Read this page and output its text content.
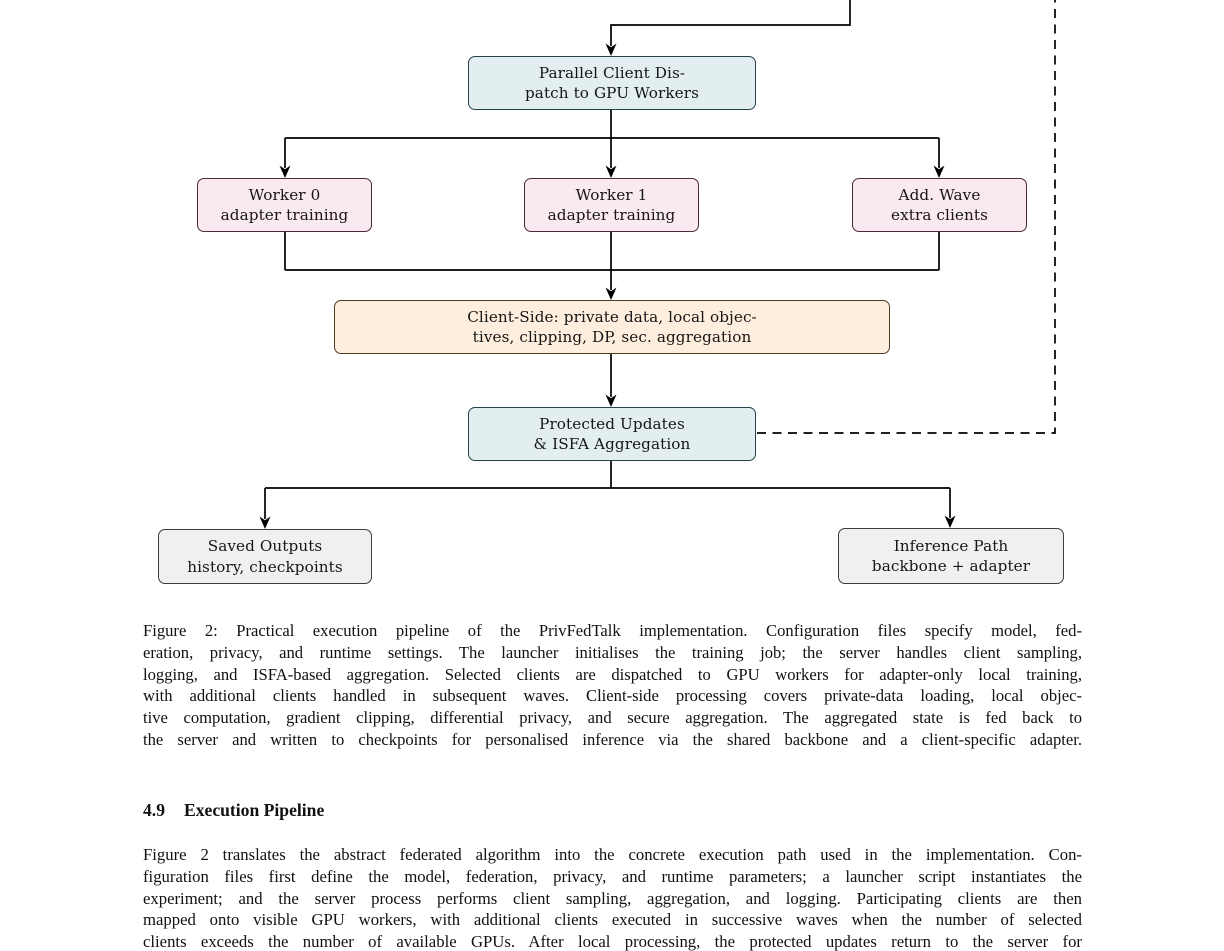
Parallel Client Dis-
patch to GPU Workers
Worker 0
adapter training
Worker 1
adapter training
Add. Wave
extra clients
Client-Side: private data, local objec-
tives, clipping, DP, sec. aggregation
Protected Updates
& ISFA Aggregation
Saved Outputs
history, checkpoints
Inference Path
backbone + adapter
Figure 2: Practical execution pipeline of the PrivFedTalk implementation. Configuration files specify model, fed-
eration, privacy, and runtime settings. The launcher initialises the training job; the server handles client sampling,
logging, and ISFA-based aggregation. Selected clients are dispatched to GPU workers for adapter-only local training,
with additional clients handled in subsequent waves. Client-side processing covers private-data loading, local objec-
tive computation, gradient clipping, differential privacy, and secure aggregation. The aggregated state is fed back to
the server and written to checkpoints for personalised inference via the shared backbone and a client-specific adapter.
4.9 Execution Pipeline
Figure 2 translates the abstract federated algorithm into the concrete execution path used in the implementation. Con-
figuration files first define the model, federation, privacy, and runtime parameters; a launcher script instantiates the
experiment; and the server process performs client sampling, aggregation, and logging. Participating clients are then
mapped onto visible GPU workers, with additional clients executed in successive waves when the number of selected
clients exceeds the number of available GPUs. After local processing, the protected updates return to the server for
